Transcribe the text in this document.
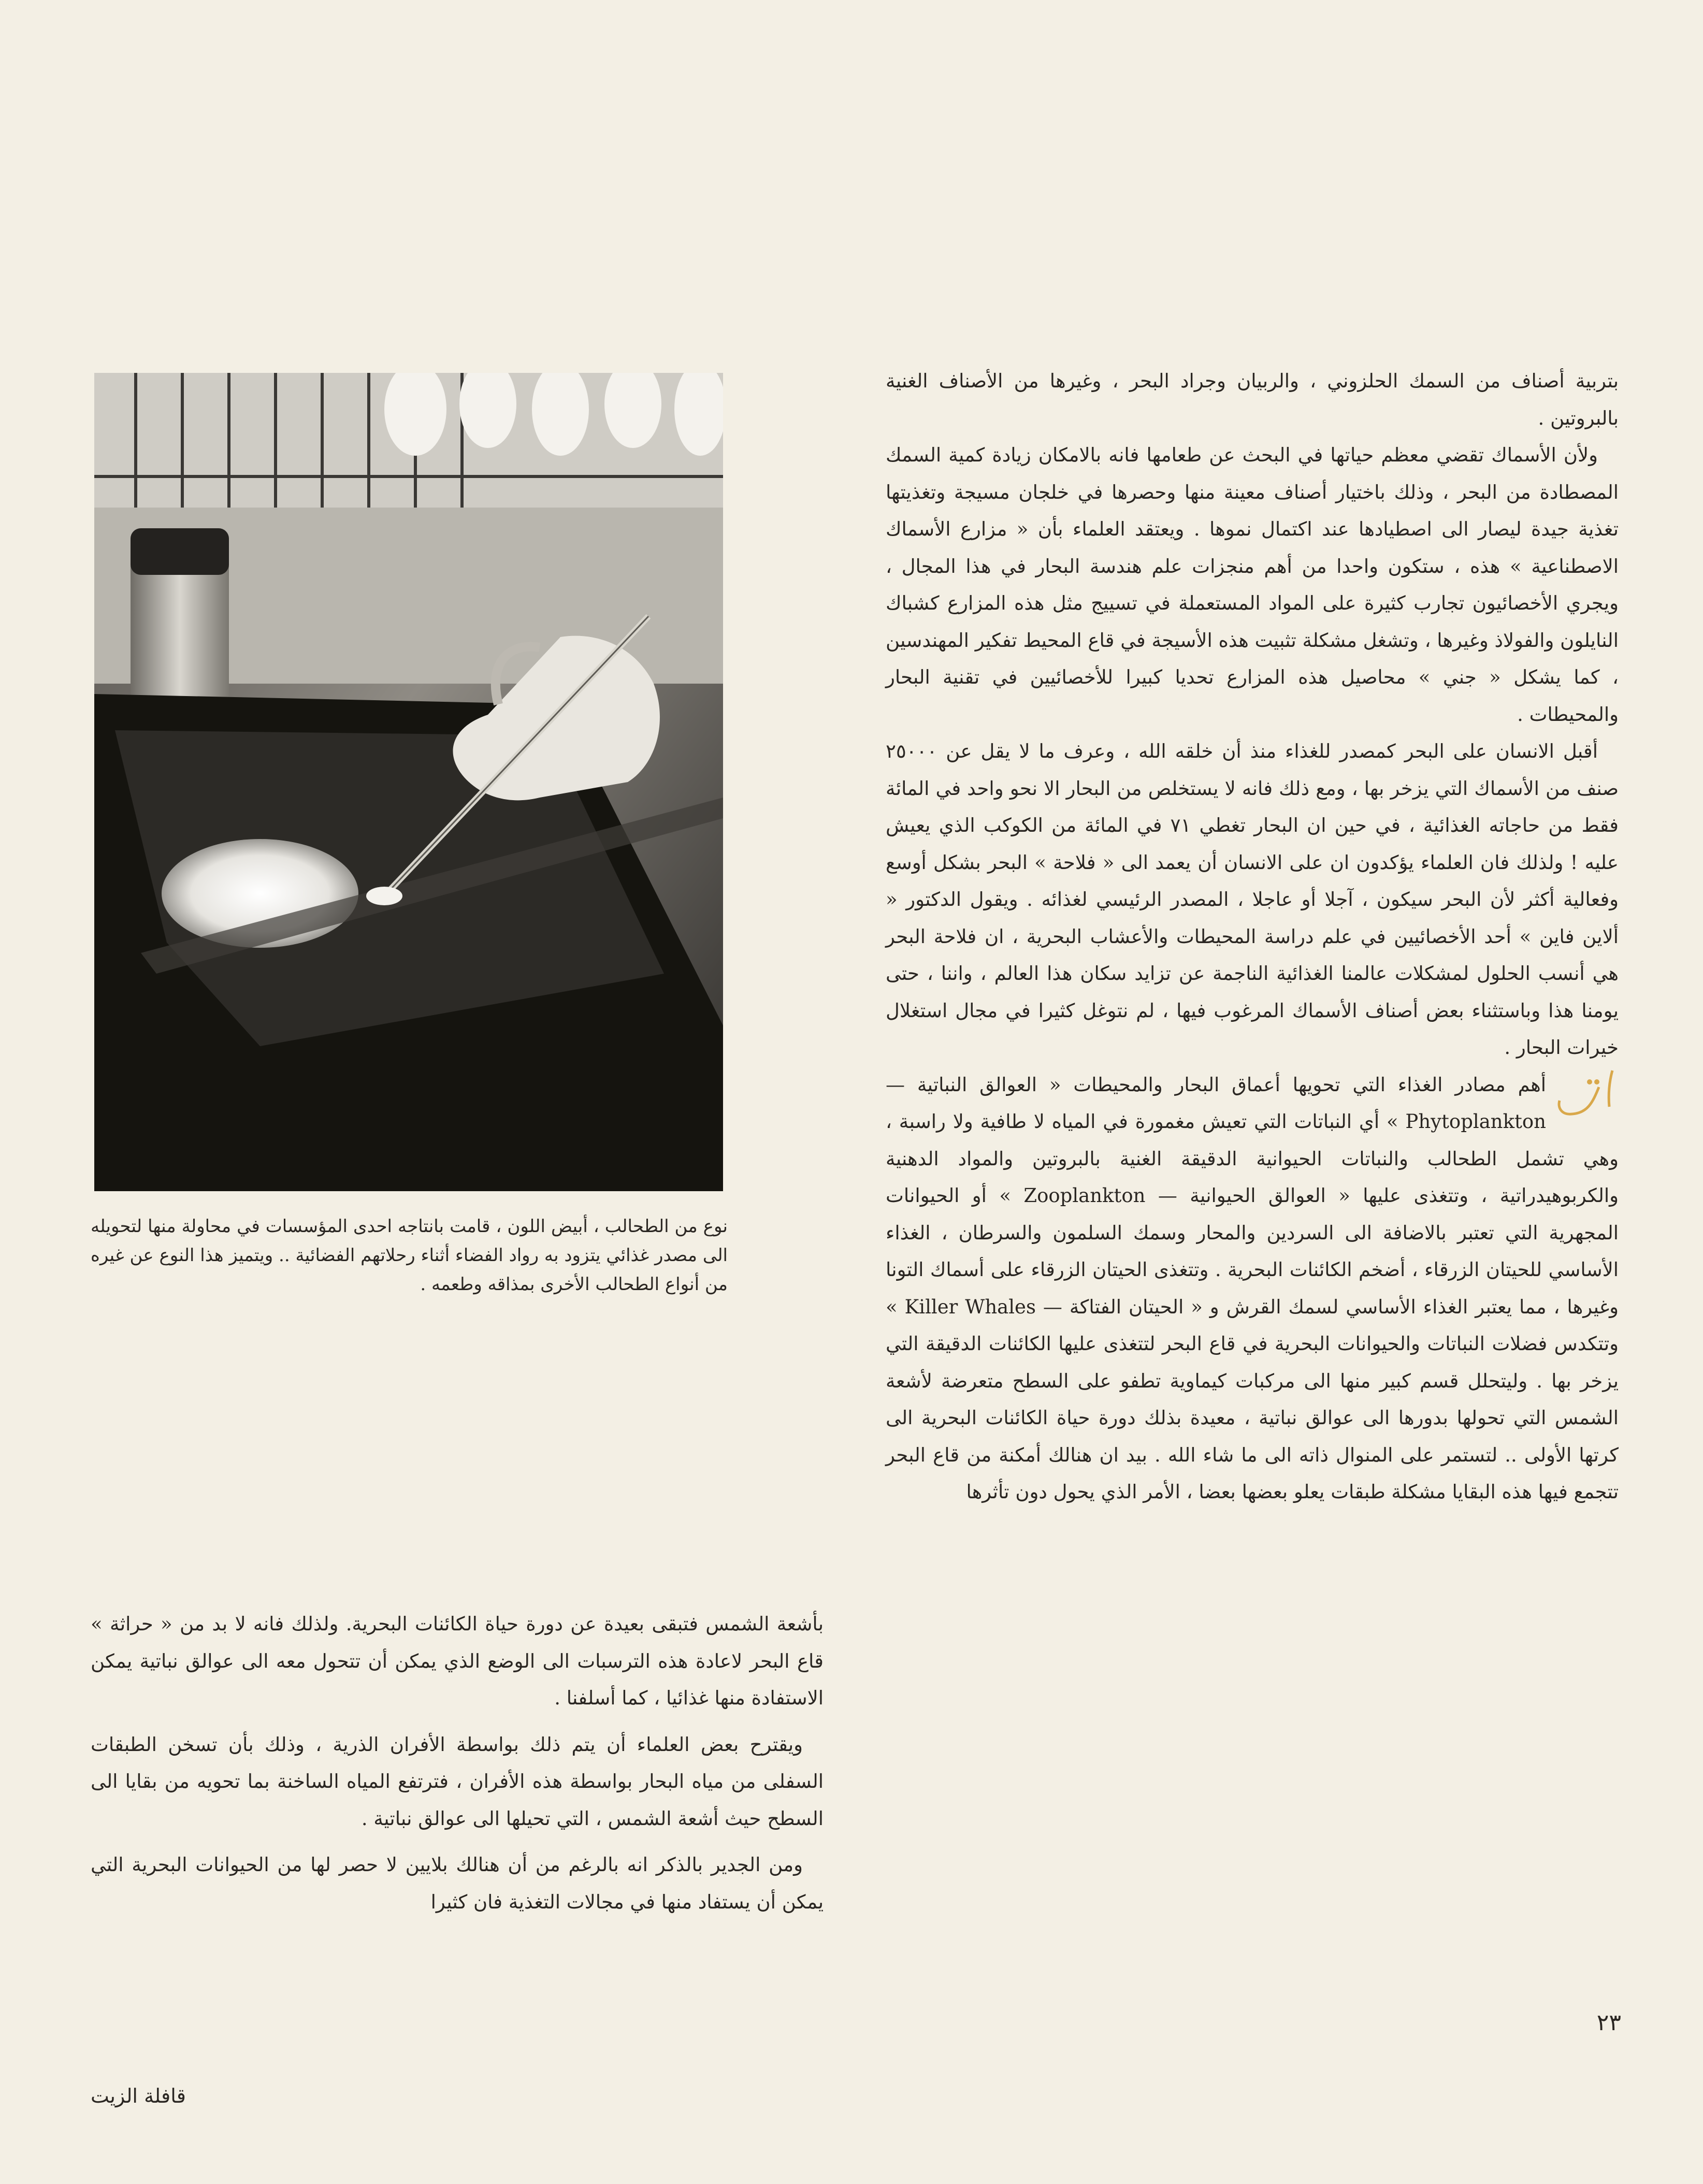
بتربية أصناف من السمك الحلزوني ، والربيان وجراد البحر ، وغيرها من الأصناف الغنية بالبروتين .

ولأن الأسماك تقضي معظم حياتها في البحث عن طعامها فانه بالامكان زيادة كمية السمك المصطادة من البحر ، وذلك باختيار أصناف معينة منها وحصرها في خلجان مسيجة وتغذيتها تغذية جيدة ليصار الى اصطيادها عند اكتمال نموها . ويعتقد العلماء بأن « مزارع الأسماك الاصطناعية » هذه ، ستكون واحدا من أهم منجزات علم هندسة البحار في هذا المجال ، ويجري الأخصائيون تجارب كثيرة على المواد المستعملة في تسييج مثل هذه المزارع كشباك النايلون والفولاذ وغيرها ، وتشغل مشكلة تثبيت هذه الأسيجة في قاع المحيط تفكير المهندسين ، كما يشكل « جني » محاصيل هذه المزارع تحديا كبيرا للأخصائيين في تقنية البحار والمحيطات .

أقبل الانسان على البحر كمصدر للغذاء منذ أن خلقه الله ، وعرف ما لا يقل عن ٢٥٠٠٠ صنف من الأسماك التي يزخر بها ، ومع ذلك فانه لا يستخلص من البحار الا نحو واحد في المائة فقط من حاجاته الغذائية ، في حين ان البحار تغطي ٧١ في المائة من الكوكب الذي يعيش عليه ! ولذلك فان العلماء يؤكدون ان على الانسان أن يعمد الى « فلاحة » البحر بشكل أوسع وفعالية أكثر لأن البحر سيكون ، آجلا أو عاجلا ، المصدر الرئيسي لغذائه . ويقول الدكتور « ألاين فاين » أحد الأخصائيين في علم دراسة المحيطات والأعشاب البحرية ، ان فلاحة البحر هي أنسب الحلول لمشكلات عالمنا الغذائية الناجمة عن تزايد سكان هذا العالم ، واننا ، حتى يومنا هذا وباستثناء بعض أصناف الأسماك المرغوب فيها ، لم نتوغل كثيرا في مجال استغلال خيرات البحار .

أهم مصادر الغذاء التي تحويها أعماق البحار والمحيطات « العوالق النباتية — Phytoplankton » أي النباتات التي تعيش مغمورة في المياه لا طافية ولا راسبة ، وهي تشمل الطحالب والنباتات الحيوانية الدقيقة الغنية بالبروتين والمواد الدهنية والكربوهيدراتية ، وتتغذى عليها « العوالق الحيوانية — Zooplankton » أو الحيوانات المجهرية التي تعتبر بالاضافة الى السردين والمحار وسمك السلمون والسرطان ، الغذاء الأساسي للحيتان الزرقاء ، أضخم الكائنات البحرية . وتتغذى الحيتان الزرقاء على أسماك التونا وغيرها ، مما يعتبر الغذاء الأساسي لسمك القرش و « الحيتان الفتاكة — Killer Whales » وتتكدس فضلات النباتات والحيوانات البحرية في قاع البحر لتتغذى عليها الكائنات الدقيقة التي يزخر بها . وليتحلل قسم كبير منها الى مركبات كيماوية تطفو على السطح متعرضة لأشعة الشمس التي تحولها بدورها الى عوالق نباتية ، معيدة بذلك دورة حياة الكائنات البحرية الى كرتها الأولى .. لتستمر على المنوال ذاته الى ما شاء الله . بيد ان هنالك أمكنة من قاع البحر تتجمع فيها هذه البقايا مشكلة طبقات يعلو بعضها بعضا ، الأمر الذي يحول دون تأثرها

نوع من الطحالب ، أبيض اللون ، قامت بانتاجه احدى المؤسسات في محاولة منها لتحويله الى مصدر غذائي يتزود به رواد الفضاء أثناء رحلاتهم الفضائية .. ويتميز هذا النوع عن غيره من أنواع الطحالب الأخرى بمذاقه وطعمه .

بأشعة الشمس فتبقى بعيدة عن دورة حياة الكائنات البحرية. ولذلك فانه لا بد من « حراثة » قاع البحر لاعادة هذه الترسبات الى الوضع الذي يمكن أن تتحول معه الى عوالق نباتية يمكن الاستفادة منها غذائيا ، كما أسلفنا .

ويقترح بعض العلماء أن يتم ذلك بواسطة الأفران الذرية ، وذلك بأن تسخن الطبقات السفلى من مياه البحار بواسطة هذه الأفران ، فترتفع المياه الساخنة بما تحويه من بقايا الى السطح حيث أشعة الشمس ، التي تحيلها الى عوالق نباتية .

ومن الجدير بالذكر انه بالرغم من أن هنالك بلايين لا حصر لها من الحيوانات البحرية التي يمكن أن يستفاد منها في مجالات التغذية فان كثيرا

٢٣
قافلة الزيت
